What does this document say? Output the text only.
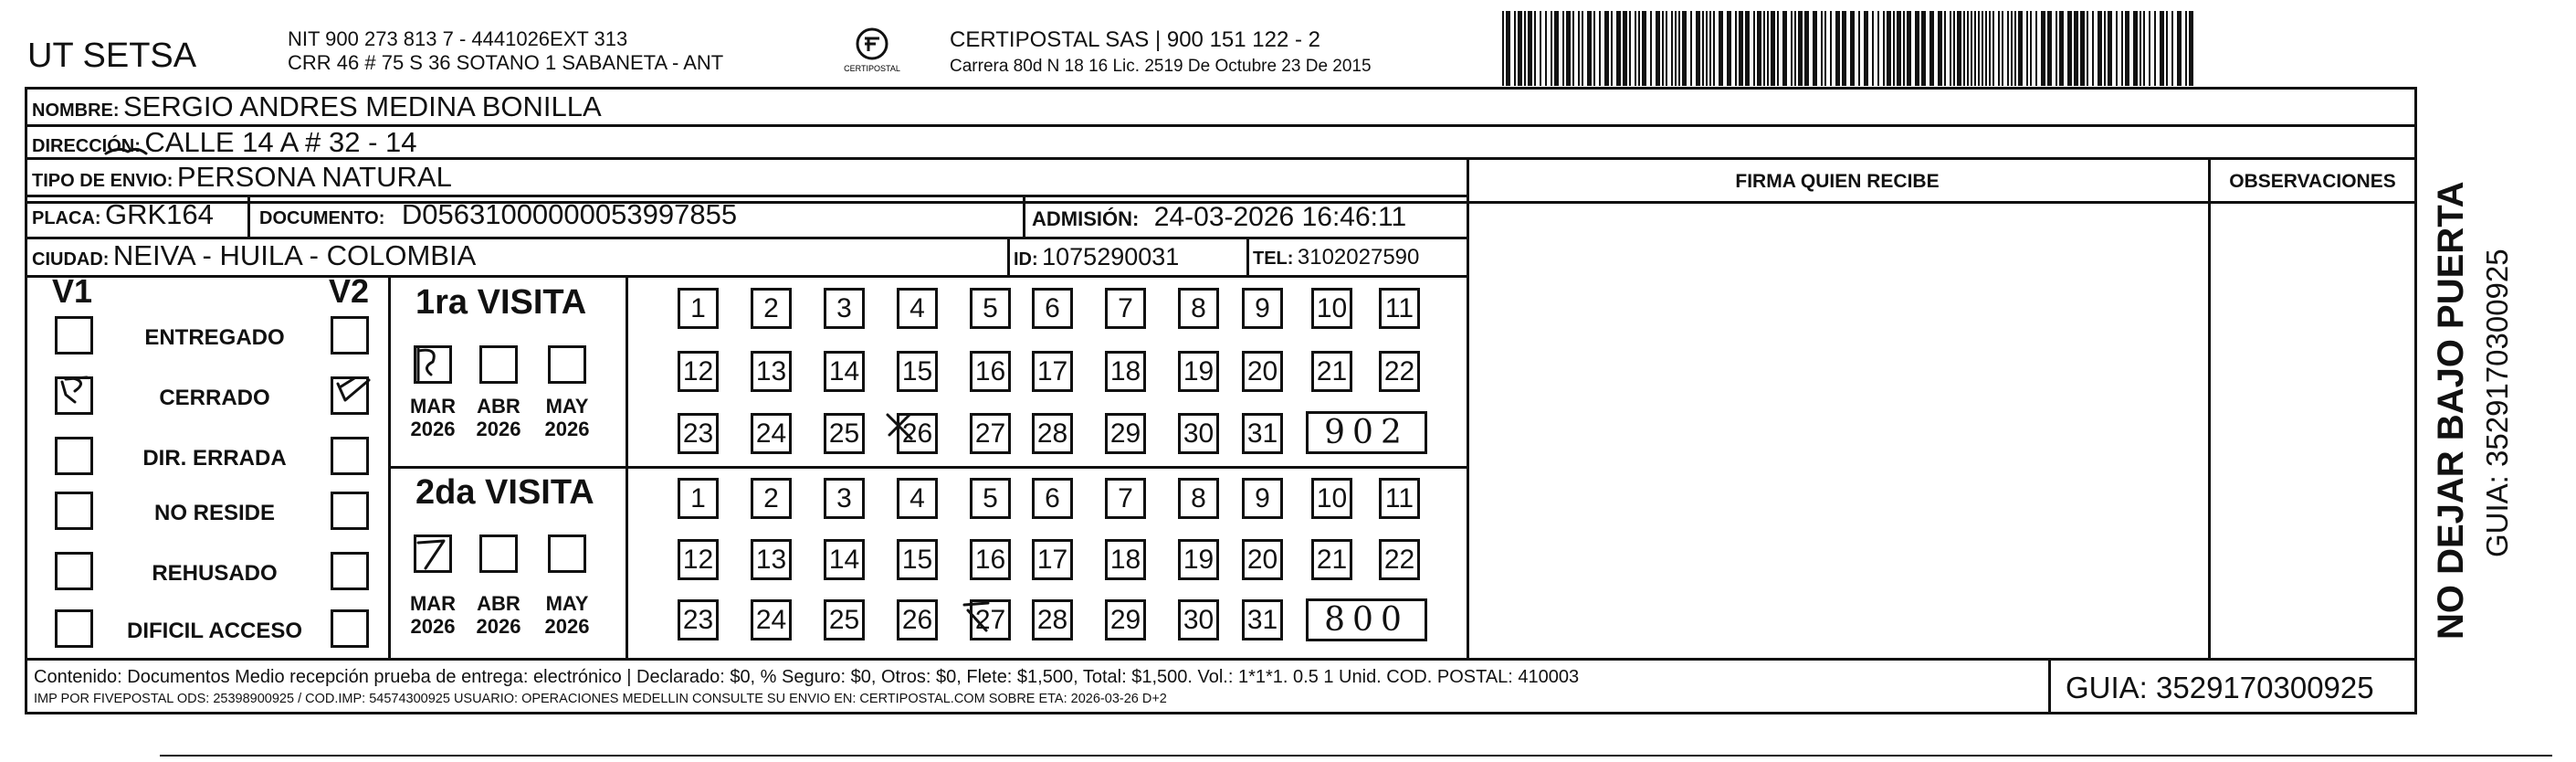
UT SETSA	NIT 900 273 813 7 - 4441026EXT 313
CRR 46 # 75 S 36 SOTANO 1 SABANETA - ANT	CERTIPOSTAL
CERTIPOSTAL SAS | 900 151 122 - 2
Carrera 80d N 18 16 Lic. 2519 De Octubre 23 De 2015
NOMBRE: SERGIO ANDRES MEDINA BONILLA
DIRECCIÓN: CALLE 14 A # 32 - 14
TIPO DE ENVIO: PERSONA NATURAL	FIRMA QUIEN RECIBE	OBSERVACIONES
PLACA: GRK164	DOCUMENTO: D05631000000053997855	ADMISIÓN: 24-03-2026 16:46:11
CIUDAD: NEIVA - HUILA - COLOMBIA	ID: 1075290031	TEL: 3102027590
V1	V2
ENTREGADO
CERRADO
DIR. ERRADA
NO RESIDE
REHUSADO
DIFICIL ACCESO
1ra VISITA
2da VISITA
MAR
2026
ABR
2026
MAY
2026
MAR
2026
ABR
2026
MAY
2026
1	2	3	4	5	6	7	8	9	10 11
12 13 14 15 16 17 18 19 20 21 22
23 24 25 26 27 28 29 30 31
1	2	3	4	5	6	7	8	9	10 11
12 13 14 15 16 17 18 19 20 21 22
23 24 25 26 27 28 29 30 31
902
800
Contenido: Documentos Medio recepción prueba de entrega: electrónico | Declarado: $0, % Seguro: $0, Otros: $0, Flete: $1,500, Total: $1,500. Vol.: 1*1*1. 0.5 1 Unid. COD. POSTAL: 410003
IMP POR FIVEPOSTAL ODS: 25398900925 / COD.IMP: 54574300925 USUARIO: OPERACIONES MEDELLIN CONSULTE SU ENVIO EN: CERTIPOSTAL.COM SOBRE ETA: 2026-03-26 D+2	GUIA: 3529170300925
NO DEJAR BAJO PUERTA GUIA: 3529170300925
